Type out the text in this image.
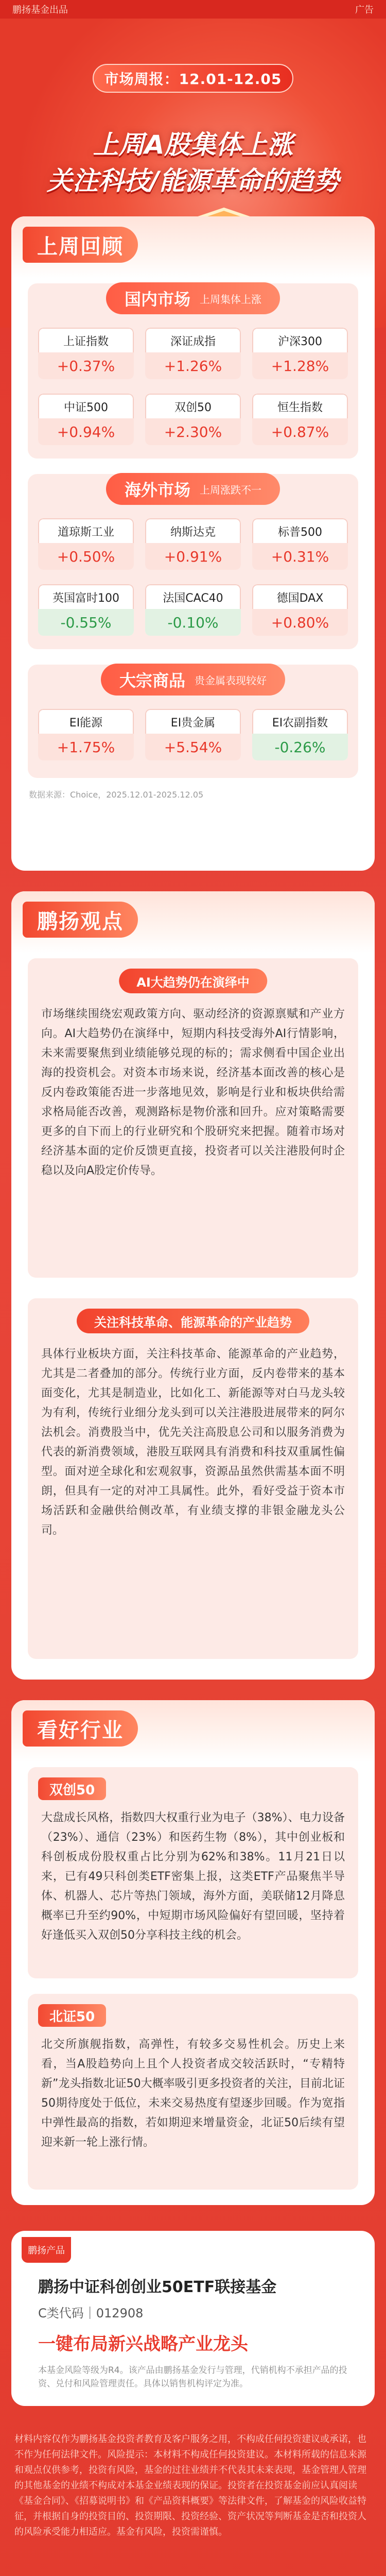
鹏扬基金出品	广告
市场周报：12.01-12.05
上周A股集体上涨
关注科技/能源革命的趋势
上周回顾
国内市场 上周集体上涨
上证指数
+0.37%
深证成指
+1.26%
沪深300
+1.28%
中证500
+0.94%
双创50
+2.30%
恒生指数
+0.87%
海外市场 上周涨跌不一
道琼斯工业
+0.50%
纳斯达克
+0.91%
标普500
+0.31%
英国富时100
-0.55%
法国CAC40
-0.10%
德国DAX
+0.80%
大宗商品 贵金属表现较好
EI能源
+1.75%
EI贵金属
+5.54%
EI农副指数
-0.26%
数据来源：Choice，2025.12.01-2025.12.05
鹏扬观点
AI大趋势仍在演绎中
市场继续围绕宏观政策方向、驱动经济的资源禀赋和产业方向。AI大趋势仍在演绎中，短期内科技受海外AI行情影响，未来需要聚焦到业绩能够兑现的标的；需求侧看中国企业出海的投资机会。对资本市场来说，经济基本面改善的核心是反内卷政策能否进一步落地见效，影响是行业和板块供给需求格局能否改善，观测路标是物价涨和回升。应对策略需要更多的自下而上的行业研究和个股研究来把握。随着市场对经济基本面的定价反馈更直接，投资者可以关注港股何时企稳以及向A股定价传导。
关注科技革命、能源革命的产业趋势
具体行业板块方面，关注科技革命、能源革命的产业趋势，尤其是二者叠加的部分。传统行业方面，反内卷带来的基本面变化，尤其是制造业，比如化工、新能源等对白马龙头较为有利，传统行业细分龙头到可以关注港股进展带来的阿尔法机会。消费股当中，优先关注高股息公司和以服务消费为代表的新消费领域，港股互联网具有消费和科技双重属性偏型。面对逆全球化和宏观叙事，资源品虽然供需基本面不明朗，但具有一定的对冲工具属性。此外，看好受益于资本市场活跃和金融供给侧改革，有业绩支撑的非银金融龙头公司。
看好行业
双创50
大盘成长风格，指数四大权重行业为电子（38%）、电力设备（23%）、通信（23%）和医药生物（8%），其中创业板和科创板成份股权重占比分别为62%和38%。11月21日以来，已有49只科创类ETF密集上报，这类ETF产品聚焦半导体、机器人、芯片等热门领域，海外方面，美联储12月降息概率已升至约90%，中短期市场风险偏好有望回暖，坚持着好逢低买入双创50分享科技主线的机会。
北证50
北交所旗舰指数，高弹性，有较多交易性机会。历史上来看，当A股趋势向上且个人投资者成交较活跃时，“专精特新”龙头指数北证50大概率吸引更多投资者的关注，目前北证50期待度处于低位，未来交易热度有望逐步回暖。作为宽指中弹性最高的指数，若如期迎来增量资金，北证50后续有望迎来新一轮上涨行情。
鹏扬产品
鹏扬中证科创创业50ETF联接基金
C类代码｜012908
一键布局新兴战略产业龙头
本基金风险等级为R4。该产品由鹏扬基金发行与管理，代销机构不承担产品的投资、兑付和风险管理责任。具体以销售机构评定为准。
材料内容仅作为鹏扬基金投资者教育及客户服务之用，不构成任何投资建议或承诺，也不作为任何法律文件。风险提示：本材料不构成任何投资建议。本材料所载的信息来源和观点仅供参考，投资有风险，基金的过往业绩并不代表其未来表现，基金管理人管理的其他基金的业绩不构成对本基金业绩表现的保证。投资者在投资基金前应认真阅读《基金合同》、《招募说明书》和《产品资料概要》等法律文件，了解基金的风险收益特征，并根据自身的投资目的、投资期限、投资经验、资产状况等判断基金是否和投资人的风险承受能力相适应。基金有风险，投资需谨慎。
